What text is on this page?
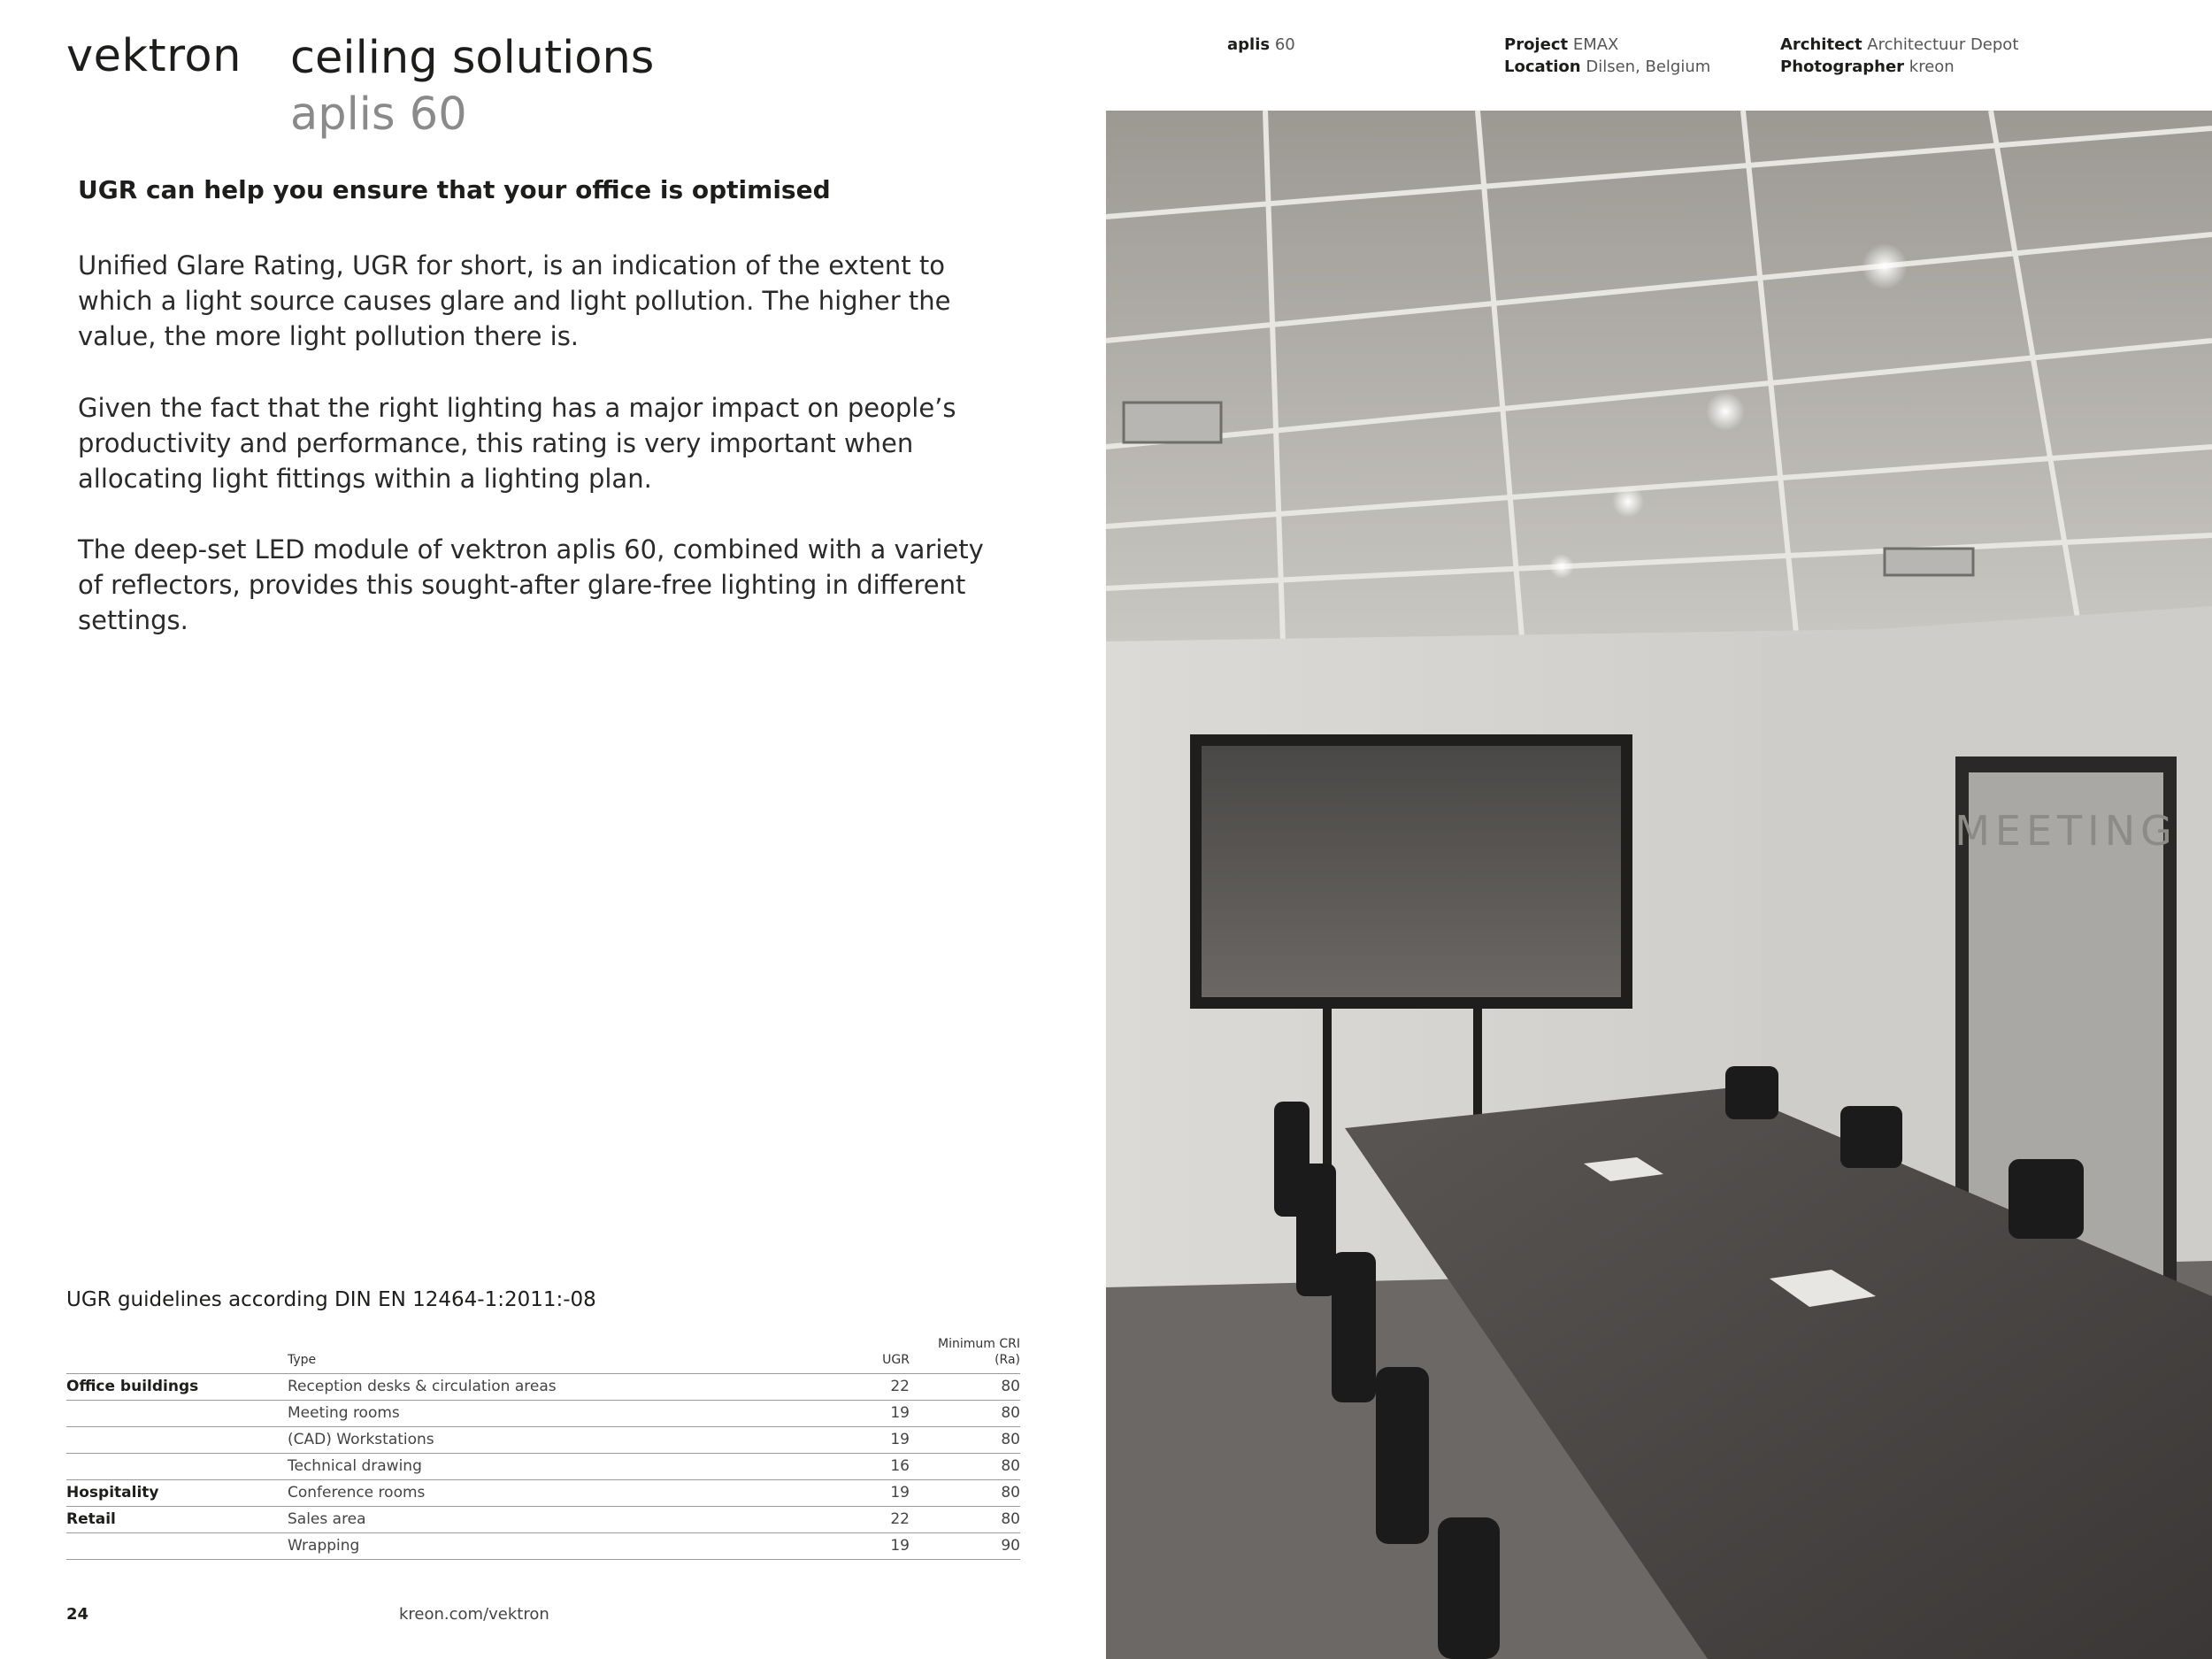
vektron ceiling solutions
aplis 60
aplis 60	Project EMAX
Location Dilsen, Belgium
Architect Architectuur Depot
Photographer kreon
UGR can help you ensure that your office is optimised

Unified Glare Rating, UGR for short, is an indication of the extent to which a light source causes glare and light pollution. The higher the value, the more light pollution there is.

Given the fact that the right lighting has a major impact on people’s productivity and performance, this rating is very important when allocating light fittings within a lighting plan.

The deep-set LED module of vektron aplis 60, combined with a variety of reflectors, provides this sought-after glare-free lighting in different settings.

UGR guidelines according DIN EN 12464-1:2011:-08
	Type	UGR	Minimum CRI
(Ra)
Office buildings	Reception desks & circulation areas	22	80
	Meeting rooms	19	80
	(CAD) Workstations	19	80
	Technical drawing	16	80
Hospitality	Conference rooms	19	80
Retail	Sales area	22	80
	Wrapping	19	90
24	kreon.com/vektron
MEETING
